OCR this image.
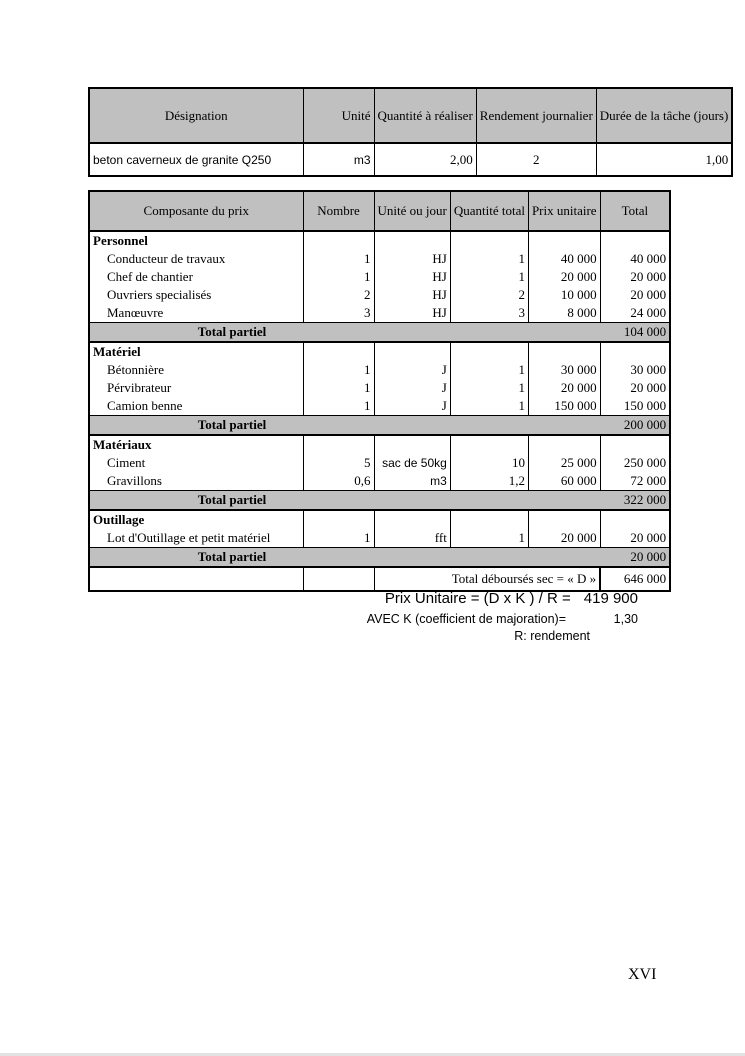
Désignation	Unité	Quantité à réaliser	Rendement journalier	Durée de la tâche (jours)
beton caverneux de granite Q250	m3	2,00	2	1,00
Composante du prix	Nombre	Unité ou jour	Quantité total	Prix unitaire	Total
Personnel					
Conducteur de travaux	1	HJ	1	40 000	40 000
Chef de chantier	1	HJ	1	20 000	20 000
Ouvriers specialisés	2	HJ	2	10 000	20 000
Manœuvre	3	HJ	3	8 000	24 000
Total partiel					104 000
Matériel					
Bétonnière	1	J	1	30 000	30 000
Pérvibrateur	1	J	1	20 000	20 000
Camion benne	1	J	1	150 000	150 000
Total partiel					200 000
Matériaux					
Ciment	5	sac de 50kg	10	25 000	250 000
Gravillons	0,6	m3	1,2	60 000	72 000
Total partiel					322 000
Outillage					
Lot d'Outillage et petit matériel	1	fft	1	20 000	20 000
Total partiel					20 000
		Total déboursés sec = « D »			646 000
Prix Unitaire = (D x K ) / R = 419 900
AVEC K (coefficient de majoration)=	1,30
R: rendement
XVI
